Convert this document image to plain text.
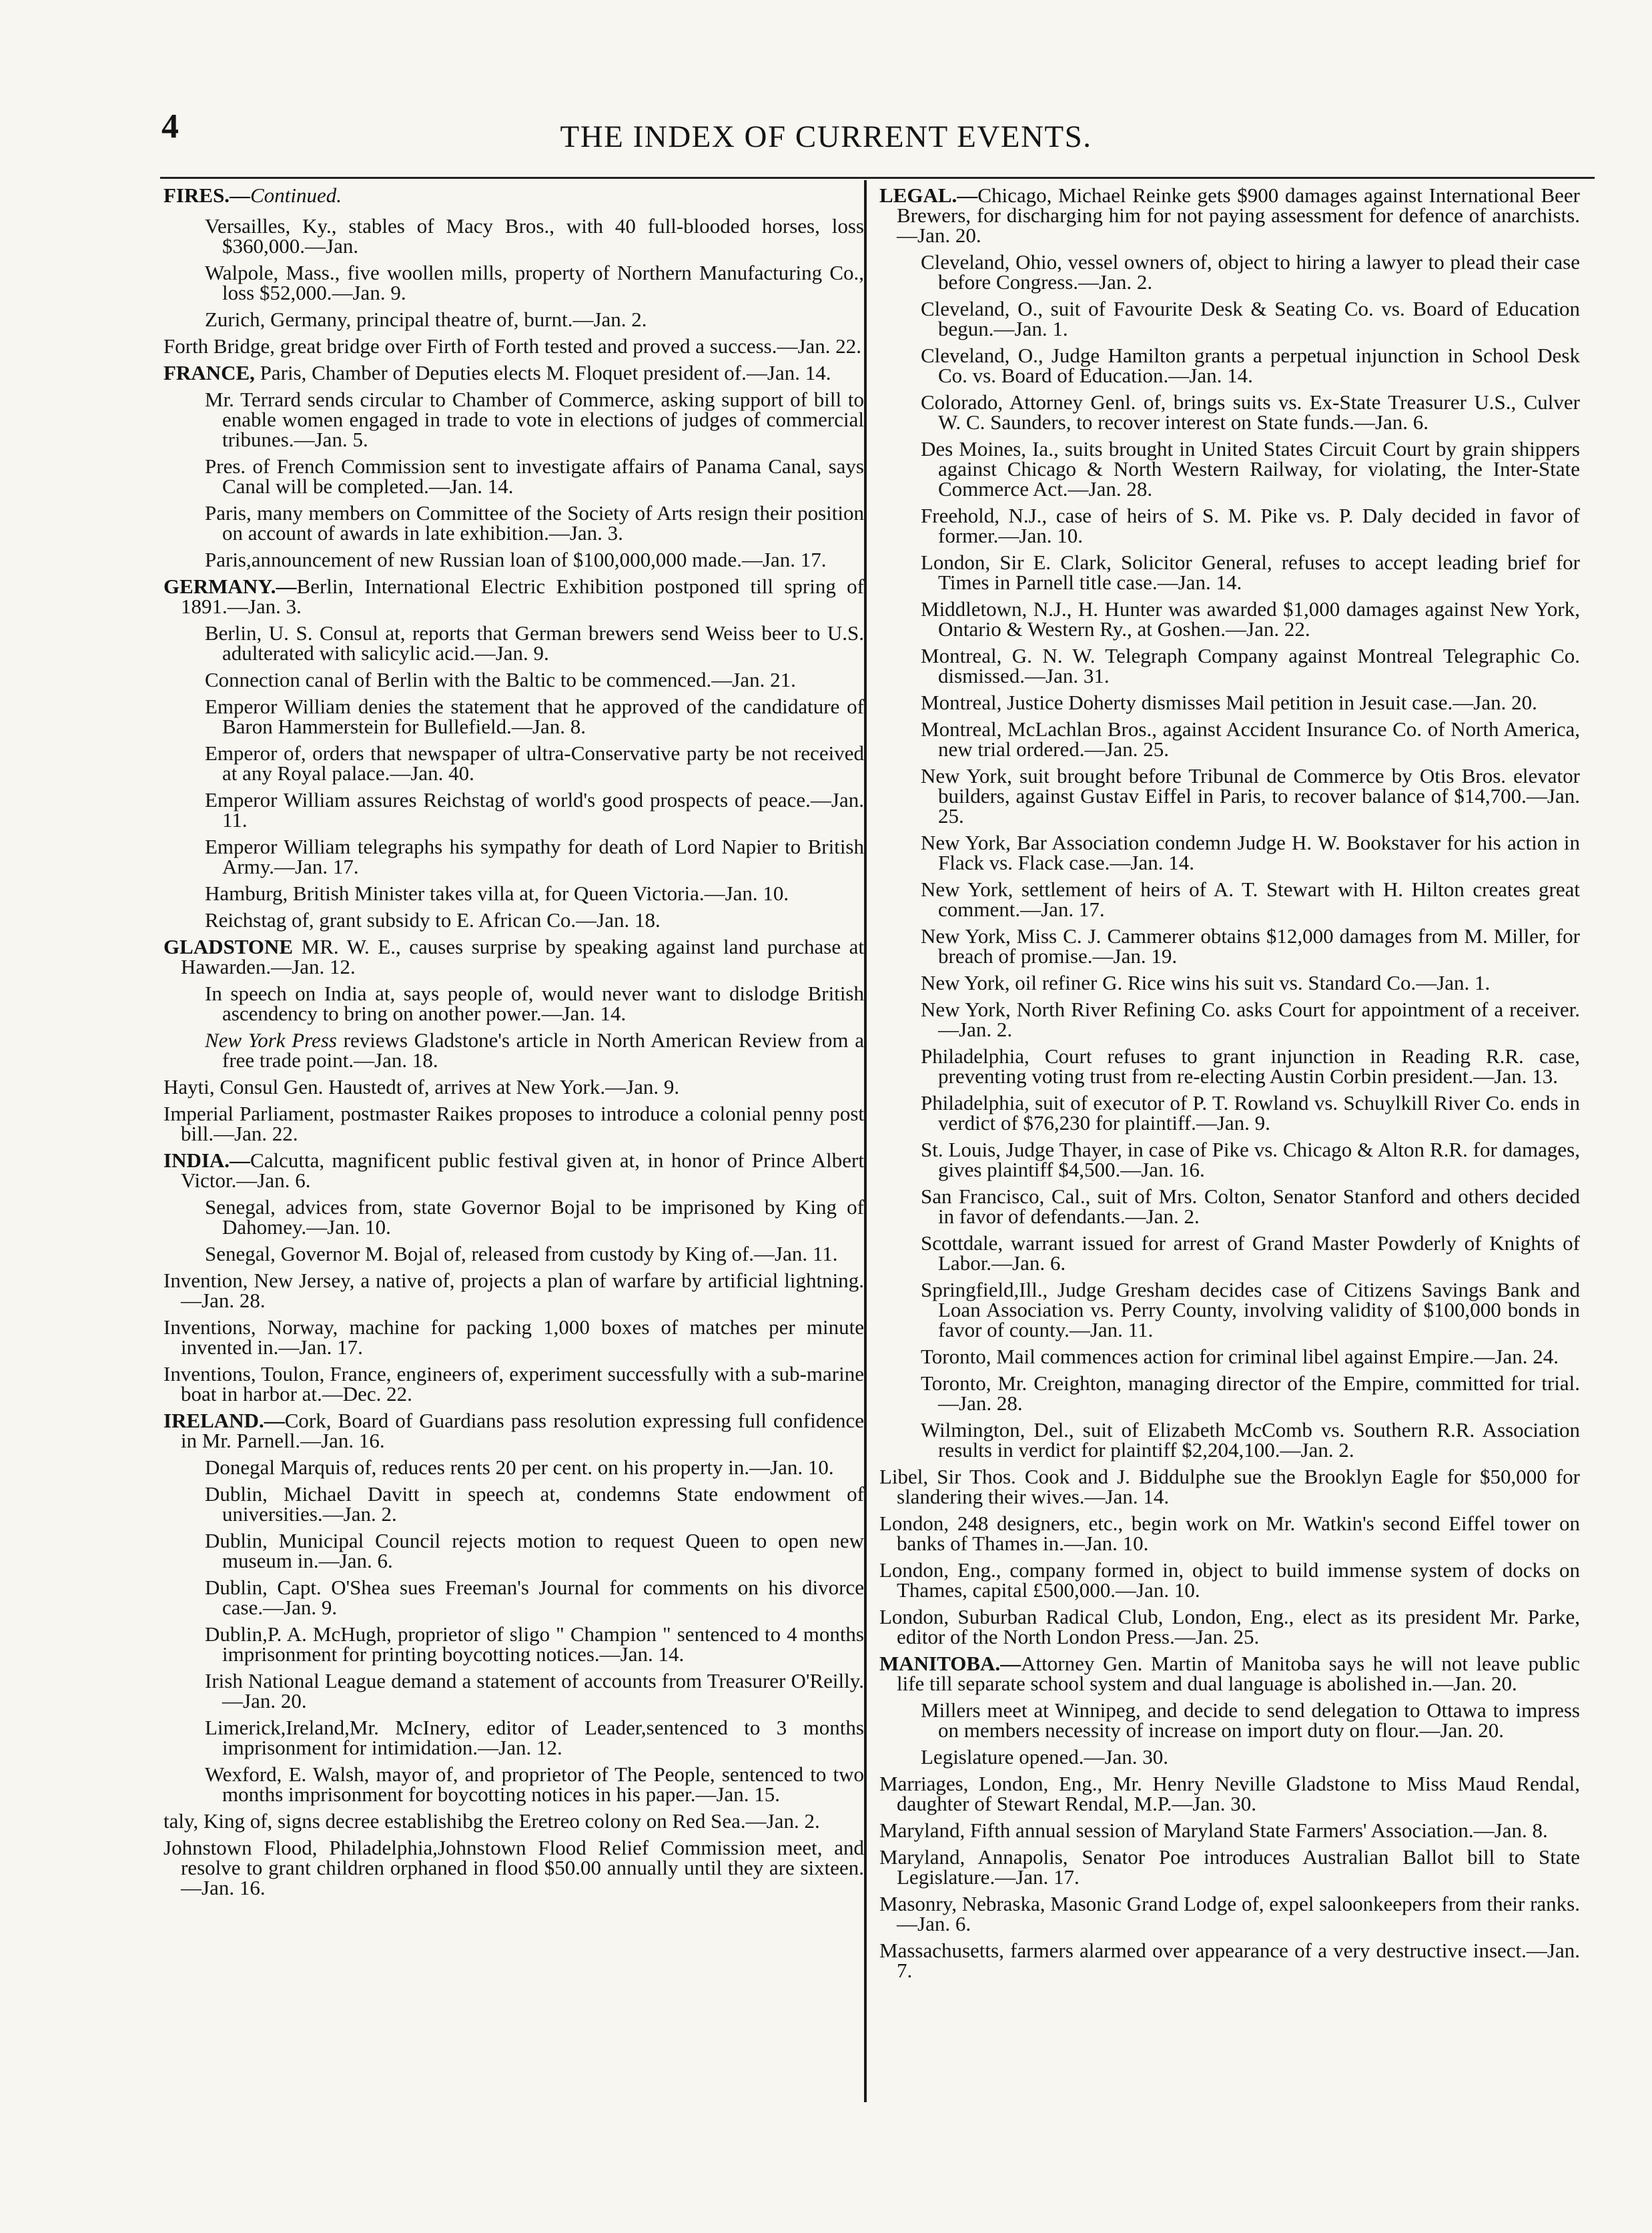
4	THE INDEX OF CURRENT EVENTS.
FIRES.—Continued.
Versailles, Ky., stables of Macy Bros., with 40 full-blooded horses, loss $360,000.—Jan.
Walpole, Mass., five woollen mills, property of Northern Manufacturing Co., loss $52,000.—Jan. 9.
Zurich, Germany, principal theatre of, burnt.—Jan. 2.
Forth Bridge, great bridge over Firth of Forth tested and proved a success.—Jan. 22.
FRANCE, Paris, Chamber of Deputies elects M. Floquet president of.—Jan. 14.
Mr. Terrard sends circular to Chamber of Commerce, asking support of bill to enable women engaged in trade to vote in elections of judges of commercial tribunes.—Jan. 5.
Pres. of French Commission sent to investigate affairs of Panama Canal, says Canal will be completed.—Jan. 14.
Paris, many members on Committee of the Society of Arts resign their position on account of awards in late exhibition.—Jan. 3.
Paris,announcement of new Russian loan of $100,000,000 made.—Jan. 17.
GERMANY.—Berlin, International Electric Exhibition postponed till spring of 1891.—Jan. 3.
Berlin, U. S. Consul at, reports that German brewers send Weiss beer to U.S. adulterated with salicylic acid.—Jan. 9.
Connection canal of Berlin with the Baltic to be commenced.—Jan. 21.
Emperor William denies the statement that he approved of the candidature of Baron Hammerstein for Bullefield.—Jan. 8.
Emperor of, orders that newspaper of ultra-Conservative party be not received at any Royal palace.—Jan. 40.
Emperor William assures Reichstag of world's good prospects of peace.—Jan. 11.
Emperor William telegraphs his sympathy for death of Lord Napier to British Army.—Jan. 17.
Hamburg, British Minister takes villa at, for Queen Victoria.—Jan. 10.
Reichstag of, grant subsidy to E. African Co.—Jan. 18.
GLADSTONE MR. W. E., causes surprise by speaking against land purchase at Hawarden.—Jan. 12.
In speech on India at, says people of, would never want to dislodge British ascendency to bring on another power.—Jan. 14.
New York Press reviews Gladstone's article in North American Review from a free trade point.—Jan. 18.
Hayti, Consul Gen. Haustedt of, arrives at New York.—Jan. 9.
Imperial Parliament, postmaster Raikes proposes to introduce a colonial penny post bill.—Jan. 22.
INDIA.—Calcutta, magnificent public festival given at, in honor of Prince Albert Victor.—Jan. 6.
Senegal, advices from, state Governor Bojal to be imprisoned by King of Dahomey.—Jan. 10.
Senegal, Governor M. Bojal of, released from custody by King of.—Jan. 11.
Invention, New Jersey, a native of, projects a plan of warfare by artificial lightning.—Jan. 28.
Inventions, Norway, machine for packing 1,000 boxes of matches per minute invented in.—Jan. 17.
Inventions, Toulon, France, engineers of, experiment successfully with a sub-marine boat in harbor at.—Dec. 22.
IRELAND.—Cork, Board of Guardians pass resolution expressing full confidence in Mr. Parnell.—Jan. 16.
Donegal Marquis of, reduces rents 20 per cent. on his property in.—Jan. 10.
Dublin, Michael Davitt in speech at, condemns State endowment of universities.—Jan. 2.
Dublin, Municipal Council rejects motion to request Queen to open new museum in.—Jan. 6.
Dublin, Capt. O'Shea sues Freeman's Journal for comments on his divorce case.—Jan. 9.
Dublin,P. A. McHugh, proprietor of sligo " Champion " sentenced to 4 months imprisonment for printing boycotting notices.—Jan. 14.
Irish National League demand a statement of accounts from Treasurer O'Reilly.—Jan. 20.
Limerick,Ireland,Mr. McInery, editor of Leader,sentenced to 3 months imprisonment for intimidation.—Jan. 12.
Wexford, E. Walsh, mayor of, and proprietor of The People, sentenced to two months imprisonment for boycotting notices in his paper.—Jan. 15.
taly, King of, signs decree establishibg the Eretreo colony on Red Sea.—Jan. 2.
Johnstown Flood, Philadelphia,Johnstown Flood Relief Commission meet, and resolve to grant children orphaned in flood $50.00 annually until they are sixteen.—Jan. 16.
LEGAL.—Chicago, Michael Reinke gets $900 damages against International Beer Brewers, for discharging him for not paying assessment for defence of anarchists.—Jan. 20.
Cleveland, Ohio, vessel owners of, object to hiring a lawyer to plead their case before Congress.—Jan. 2.
Cleveland, O., suit of Favourite Desk & Seating Co. vs. Board of Education begun.—Jan. 1.
Cleveland, O., Judge Hamilton grants a perpetual injunction in School Desk Co. vs. Board of Education.—Jan. 14.
Colorado, Attorney Genl. of, brings suits vs. Ex-State Treasurer U.S., Culver W. C. Saunders, to recover interest on State funds.—Jan. 6.
Des Moines, Ia., suits brought in United States Circuit Court by grain shippers against Chicago & North Western Railway, for violating, the Inter-State Commerce Act.—Jan. 28.
Freehold, N.J., case of heirs of S. M. Pike vs. P. Daly decided in favor of former.—Jan. 10.
London, Sir E. Clark, Solicitor General, refuses to accept leading brief for Times in Parnell title case.—Jan. 14.
Middletown, N.J., H. Hunter was awarded $1,000 damages against New York, Ontario & Western Ry., at Goshen.—Jan. 22.
Montreal, G. N. W. Telegraph Company against Montreal Telegraphic Co. dismissed.—Jan. 31.
Montreal, Justice Doherty dismisses Mail petition in Jesuit case.—Jan. 20.
Montreal, McLachlan Bros., against Accident Insurance Co. of North America, new trial ordered.—Jan. 25.
New York, suit brought before Tribunal de Commerce by Otis Bros. elevator builders, against Gustav Eiffel in Paris, to recover balance of $14,700.—Jan. 25.
New York, Bar Association condemn Judge H. W. Bookstaver for his action in Flack vs. Flack case.—Jan. 14.
New York, settlement of heirs of A. T. Stewart with H. Hilton creates great comment.—Jan. 17.
New York, Miss C. J. Cammerer obtains $12,000 damages from M. Miller, for breach of promise.—Jan. 19.
New York, oil refiner G. Rice wins his suit vs. Standard Co.—Jan. 1.
New York, North River Refining Co. asks Court for appointment of a receiver.—Jan. 2.
Philadelphia, Court refuses to grant injunction in Reading R.R. case, preventing voting trust from re-electing Austin Corbin president.—Jan. 13.
Philadelphia, suit of executor of P. T. Rowland vs. Schuylkill River Co. ends in verdict of $76,230 for plaintiff.—Jan. 9.
St. Louis, Judge Thayer, in case of Pike vs. Chicago & Alton R.R. for damages, gives plaintiff $4,500.—Jan. 16.
San Francisco, Cal., suit of Mrs. Colton, Senator Stanford and others decided in favor of defendants.—Jan. 2.
Scottdale, warrant issued for arrest of Grand Master Powderly of Knights of Labor.—Jan. 6.
Springfield,Ill., Judge Gresham decides case of Citizens Savings Bank and Loan Association vs. Perry County, involving validity of $100,000 bonds in favor of county.—Jan. 11.
Toronto, Mail commences action for criminal libel against Empire.—Jan. 24.
Toronto, Mr. Creighton, managing director of the Empire, committed for trial.—Jan. 28.
Wilmington, Del., suit of Elizabeth McComb vs. Southern R.R. Association results in verdict for plaintiff $2,204,100.—Jan. 2.
Libel, Sir Thos. Cook and J. Biddulphe sue the Brooklyn Eagle for $50,000 for slandering their wives.—Jan. 14.
London, 248 designers, etc., begin work on Mr. Watkin's second Eiffel tower on banks of Thames in.—Jan. 10.
London, Eng., company formed in, object to build immense system of docks on Thames, capital £500,000.—Jan. 10.
London, Suburban Radical Club, London, Eng., elect as its president Mr. Parke, editor of the North London Press.—Jan. 25.
MANITOBA.—Attorney Gen. Martin of Manitoba says he will not leave public life till separate school system and dual language is abolished in.—Jan. 20.
Millers meet at Winnipeg, and decide to send delegation to Ottawa to impress on members necessity of increase on import duty on flour.—Jan. 20.
Legislature opened.—Jan. 30.
Marriages, London, Eng., Mr. Henry Neville Gladstone to Miss Maud Rendal, daughter of Stewart Rendal, M.P.—Jan. 30.
Maryland, Fifth annual session of Maryland State Farmers' Association.—Jan. 8.
Maryland, Annapolis, Senator Poe introduces Australian Ballot bill to State Legislature.—Jan. 17.
Masonry, Nebraska, Masonic Grand Lodge of, expel saloonkeepers from their ranks.—Jan. 6.
Massachusetts, farmers alarmed over appearance of a very destructive insect.—Jan. 7.
